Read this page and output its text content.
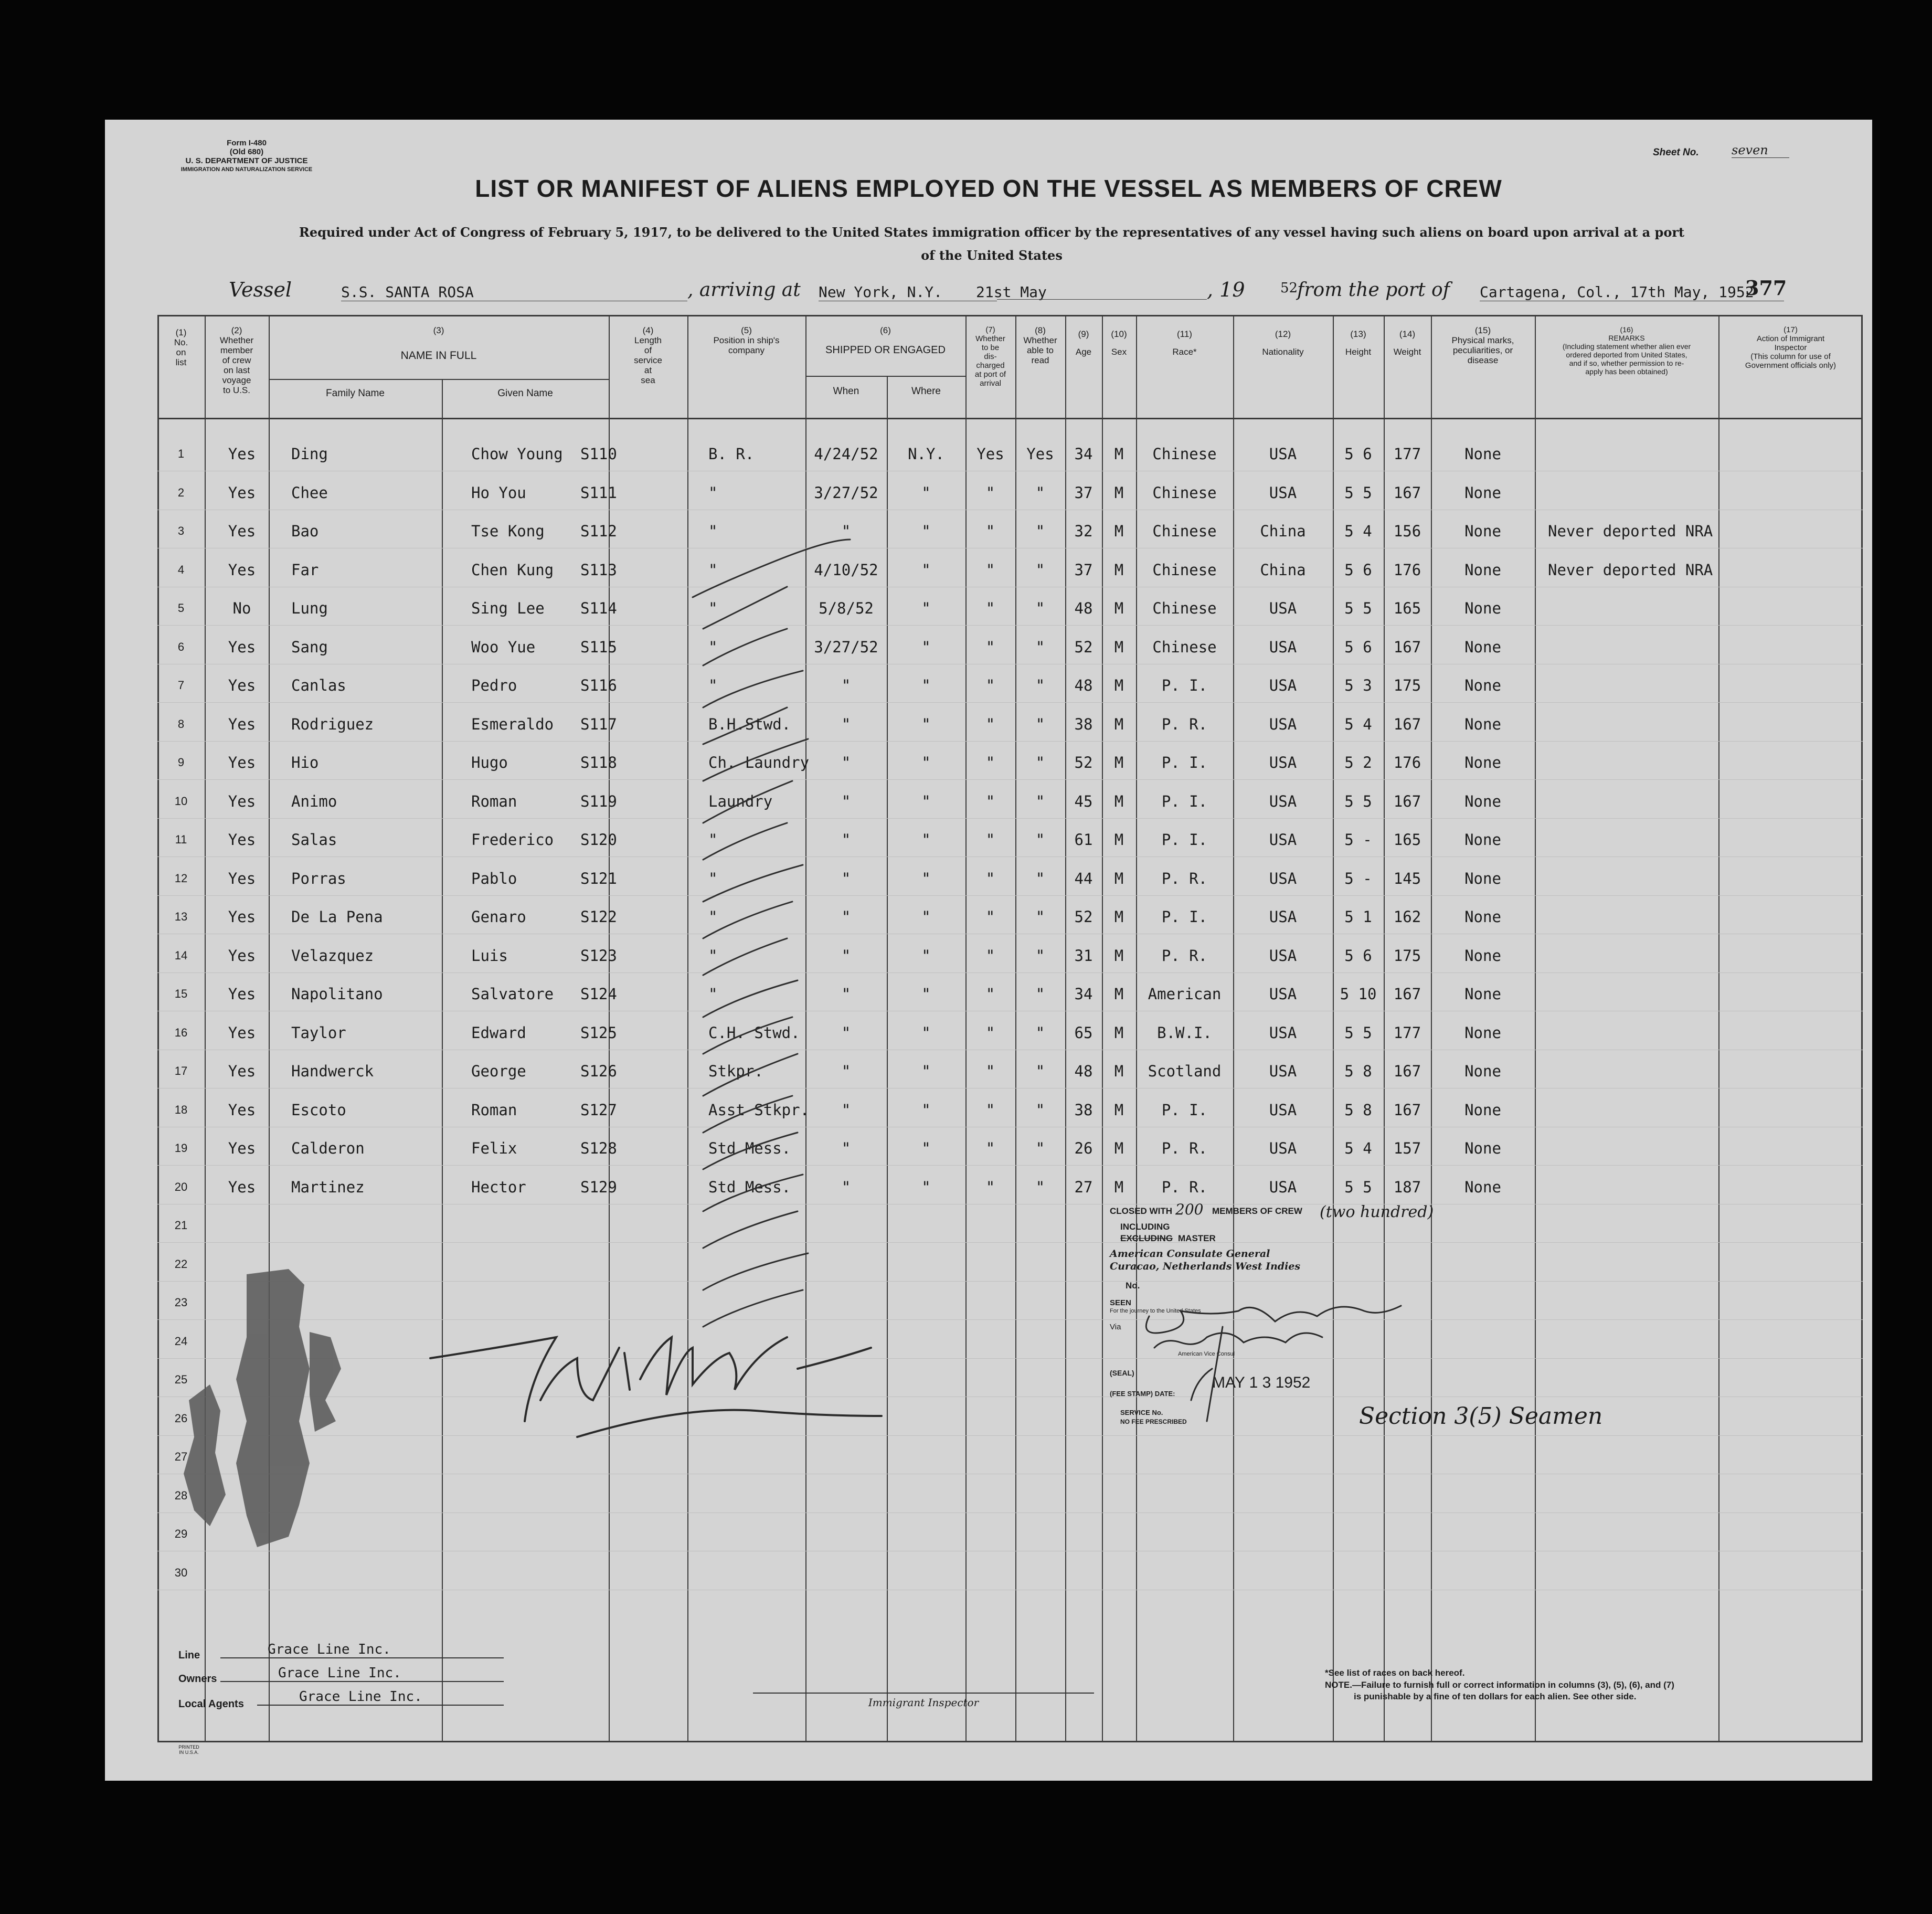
Form I-480
(Old 680)
U. S. DEPARTMENT OF JUSTICE
IMMIGRATION AND NATURALIZATION SERVICE
Sheet No.	seven
LIST OR MANIFEST OF ALIENS EMPLOYED ON THE VESSEL AS MEMBERS OF CREW
Required under Act of Congress of February 5, 1917, to be delivered to the United States immigration officer by the representatives of any vessel having such aliens on board upon arrival at a port
of the United States
Vessel	S.S. SANTA ROSA	, arriving at New York, N.Y.	21st May	, 19	52
from the port of Cartagena, Col., 17th May, 1952
377
(1)
No.
on
list
(2)
Whether
member
of crew
on last
voyage
to U.S.
(3)
NAME IN FULL
Family Name	Given Name
(4)
Length
of
service
at
sea
(5)
Position in ship's
company
(6)
SHIPPED OR ENGAGED
When	Where
(7)
Whether
to be
dis-
charged
at port of
arrival
(8)
Whether
able to
read
(9)
Age
(10)
Sex
(11)
Race*
(12)
Nationality
(13)
Height
(14)
Weight
(15)
Physical marks,
peculiarities, or
disease
(16)
REMARKS
(Including statement whether alien ever
ordered deported from United States,
and if so, whether permission to re-
apply has been obtained)
(17)
Action of Immigrant
Inspector
(This column for use of
Government officials only)
1	Yes	Ding	Chow Young S110	B. R.	4/24/52	N.Y.	Yes	Yes	34	M	Chinese	USA	5 6	177	None
2	Yes	Chee	Ho You	S111	"	3/27/52	"	"	"	37	M	Chinese	USA	5 5	167	None
3	Yes	Bao	Tse Kong S112	"	"	"	"	"	32	M	Chinese	China	5 4	156	None	Never deported NRA
4	Yes	Far	Chen Kung S113	"	4/10/52	"	"	"	37	M	Chinese	China	5 6	176	None	Never deported NRA
5	No	Lung	Sing Lee S114	"	5/8/52	"	"	"	48	M	Chinese	USA	5 5	165	None
6	Yes	Sang	Woo Yue	S115	"	3/27/52	"	"	"	52	M	Chinese	USA	5 6	167	None
7	Yes	Canlas	Pedro	S116	"	"	"	"	"	48	M	P. I.	USA	5 3	175	None
8	Yes	Rodriguez	Esmeraldo S117	B.H.Stwd.	"	"	"	"	38	M	P. R.	USA	5 4	167	None
9	Yes	Hio	Hugo	S118	Ch. Laundry	"	"	"	"	52	M	P. I.	USA	5 2	176	None
10	Yes	Animo	Roman	S119	Laundry	"	"	"	"	45	M	P. I.	USA	5 5	167	None
11	Yes	Salas	Frederico S120	"	"	"	"	"	61	M	P. I.	USA	5 -	165	None
12	Yes	Porras	Pablo	S121	"	"	"	"	"	44	M	P. R.	USA	5 -	145	None
13	Yes	De La Pena	Genaro	S122	"	"	"	"	"	52	M	P. I.	USA	5 1	162	None
14	Yes	Velazquez	Luis	S123	"	"	"	"	"	31	M	P. R.	USA	5 6	175	None
15	Yes	Napolitano	Salvatore S124	"	"	"	"	"	34	M	American	USA	5 10	167	None
16	Yes	Taylor	Edward	S125	C.H. Stwd.	"	"	"	"	65	M	B.W.I.	USA	5 5	177	None
17	Yes	Handwerck	George	S126	Stkpr.	"	"	"	"	48	M	Scotland	USA	5 8	167	None
18	Yes	Escoto	Roman	S127	Asst Stkpr.	"	"	"	"	38	M	P. I.	USA	5 8	167	None
19	Yes	Calderon	Felix	S128	Std Mess.	"	"	"	"	26	M	P. R.	USA	5 4	157	None
20	Yes	Martinez	Hector	S129	Std Mess.	"	"	"	"	27	M	P. R.	USA	5 5	187	None
21
22
23
24
25
26
27
28
29
30
CLOSED WITH 200 MEMBERS OF CREW (two hundred)
INCLUDING
EXCLUDING MASTER
American Consulate General
Curacao, Netherlands West Indies
No.
SEEN
For the journey to the United States
Via
American Vice Consul
(SEAL)
(FEE STAMP) DATE:
MAY 1 3 1952
SERVICE No.
NO FEE PRESCRIBED	Section 3(5) Seamen
Line	Grace Line Inc.
Owners	Grace Line Inc.
Local Agents	Grace Line Inc.	Immigrant Inspector
*See list of races on back hereof.
NOTE.—Failure to furnish full or correct information in columns (3), (5), (6), and (7)
is punishable by a fine of ten dollars for each alien. See other side.
PRINTED IN U.S.A.
